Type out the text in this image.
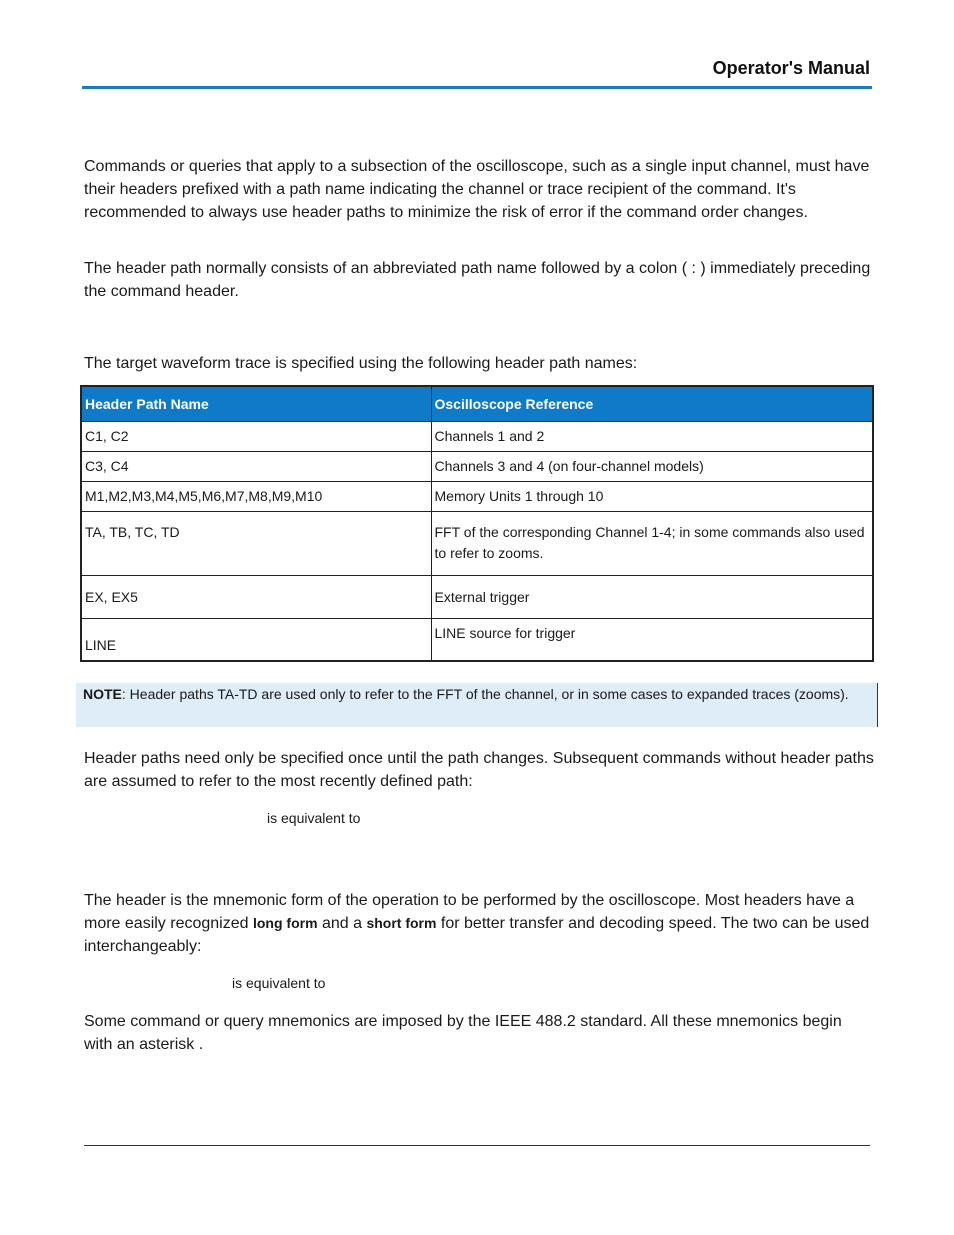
Operator's Manual
Commands or queries that apply to a subsection of the oscilloscope, such as a single input channel, must have their headers prefixed with a path name indicating the channel or trace recipient of the command. It's recommended to always use header paths to minimize the risk of error if the command order changes.
The header path normally consists of an abbreviated path name followed by a colon ( : ) immediately preceding the command header.
The target waveform trace is specified using the following header path names:
Header Path Name	Oscilloscope Reference
C1, C2	Channels 1 and 2
C3, C4	Channels 3 and 4 (on four-channel models)
M1,M2,M3,M4,M5,M6,M7,M8,M9,M10	Memory Units 1 through 10
TA, TB, TC, TD	FFT of the corresponding Channel 1-4; in some commands also used to refer to zooms.
EX, EX5	External trigger
LINE	LINE source for trigger
NOTE: Header paths TA-TD are used only to refer to the FFT of the channel, or in some cases to expanded traces (zooms).
Header paths need only be specified once until the path changes. Subsequent commands without header paths are assumed to refer to the most recently defined path:
is equivalent to
The header is the mnemonic form of the operation to be performed by the oscilloscope. Most headers have a more easily recognized long form and a short form for better transfer and decoding speed. The two can be used interchangeably:
is equivalent to
Some command or query mnemonics are imposed by the IEEE 488.2 standard. All these mnemonics begin with an asterisk .
